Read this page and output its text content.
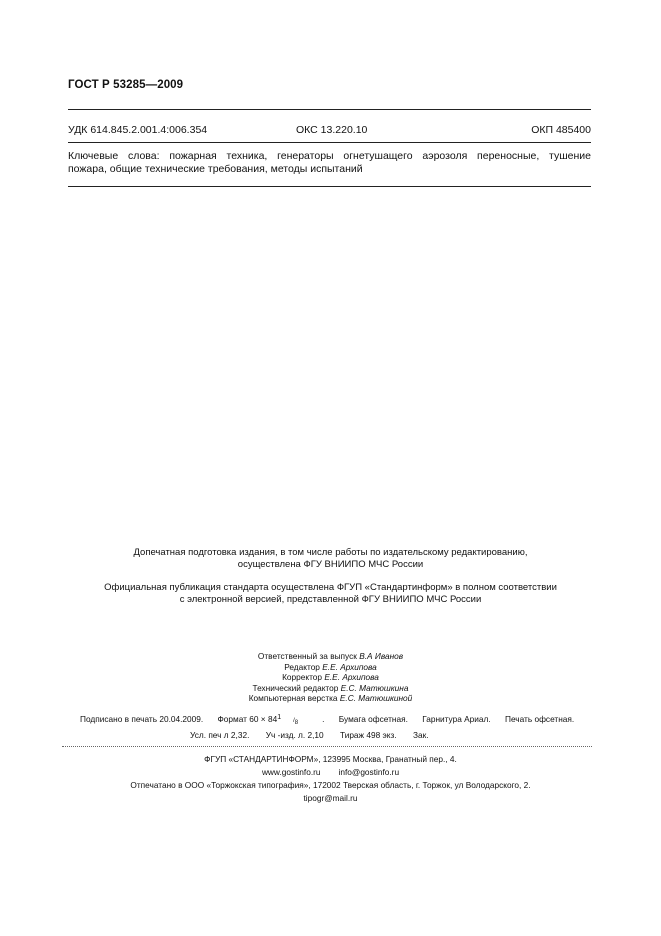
ГОСТ Р 53285—2009
УДК 614.845.2.001.4:006.354	ОКС 13.220.10	ОКП 485400
Ключевые слова: пожарная техника, генераторы огнетушащего аэрозоля переносные, тушение
пожара, общие технические требования, методы испытаний
Допечатная подготовка издания, в том числе работы по издательскому редактированию,
осуществлена ФГУ ВНИИПО МЧС России
Официальная публикация стандарта осуществлена ФГУП «Стандартинформ» в полном соответствии
с электронной версией, представленной ФГУ ВНИИПО МЧС России
Ответственный за выпуск В.А Иванов
Редактор Е.Е. Архипова
Корректор Е.Е. Архипова
Технический редактор Е.С. Матюшкина
Компьютерная верстка Е.С. Матюшкиной
Подписано в печать 20.04.2009. Формат 60 × 841 /8	. Бумага офсетная. Гарнитура Ариал. Печать офсетная.
Усл. печ л 2,32. Уч -изд. л. 2,10 Тираж 498 экз. Зак.
ФГУП «СТАНДАРТИНФОРМ», 123995 Москва, Гранатный пер., 4.
www.gostinfo.ru info@gostinfo.ru
Отпечатано в ООО «Торжокская типография», 172002 Тверская область, г. Торжок, ул Володарского, 2.
tipogr@mail.ru
